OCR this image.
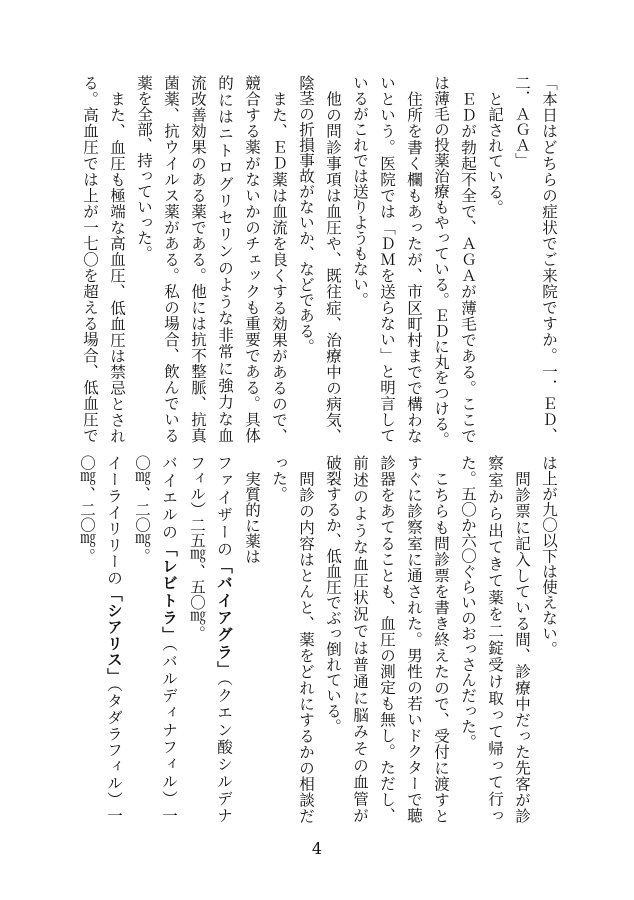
「本日はどちらの症状でご来院ですか。一．ＥＤ、
二．ＡＧＡ」
と記されている。
ＥＤが勃起不全で、ＡＧＡが薄毛である。ここで
は薄毛の投薬治療もやっている。ＥＤに丸をつける。
住所を書く欄もあったが、市区町村までで構わな
いという。医院では「ＤＭを送らない」と明言して
いるがこれでは送りようもない。
他の問診事項は血圧や、既往症、治療中の病気、
陰茎の折損事故がないか、などである。
また、ＥＤ薬は血流を良くする効果があるので、
競合する薬がないかのチェックも重要である。具体
的にはニトログリセリンのような非常に強力な血
流改善効果のある薬である。他には抗不整脈、抗真
菌薬、抗ウイルス薬がある。私の場合、飲んでいる
薬を全部、持っていった。
また、血圧も極端な高血圧、低血圧は禁忌とされ
る。高血圧では上が一七〇を超える場合、低血圧で
は上が九〇以下は使えない。
問診票に記入している間、診療中だった先客が診
察室から出てきて薬を二錠受け取って帰って行っ
た。五〇か六〇ぐらいのおっさんだった。
こちらも問診票を書き終えたので、受付に渡すと
すぐに診察室に通された。男性の若いドクターで聴
診器をあてることも、血圧の測定も無し。ただし、
前述のような血圧状況では普通に脳みその血管が
破裂するか、低血圧でぶっ倒れている。
問診の内容はとんと、薬をどれにするかの相談だ
った。
実質的に薬は
ファイザーの「バイアグラ」（クエン酸シルデナ
フィル）二五㎎、五〇㎎。
バイエルの「レビトラ」（バルディナフィル）一
〇㎎、二〇㎎。
イーライリリーの「シアリス」（タダラフィル）一
〇㎎、二〇㎎。
4
